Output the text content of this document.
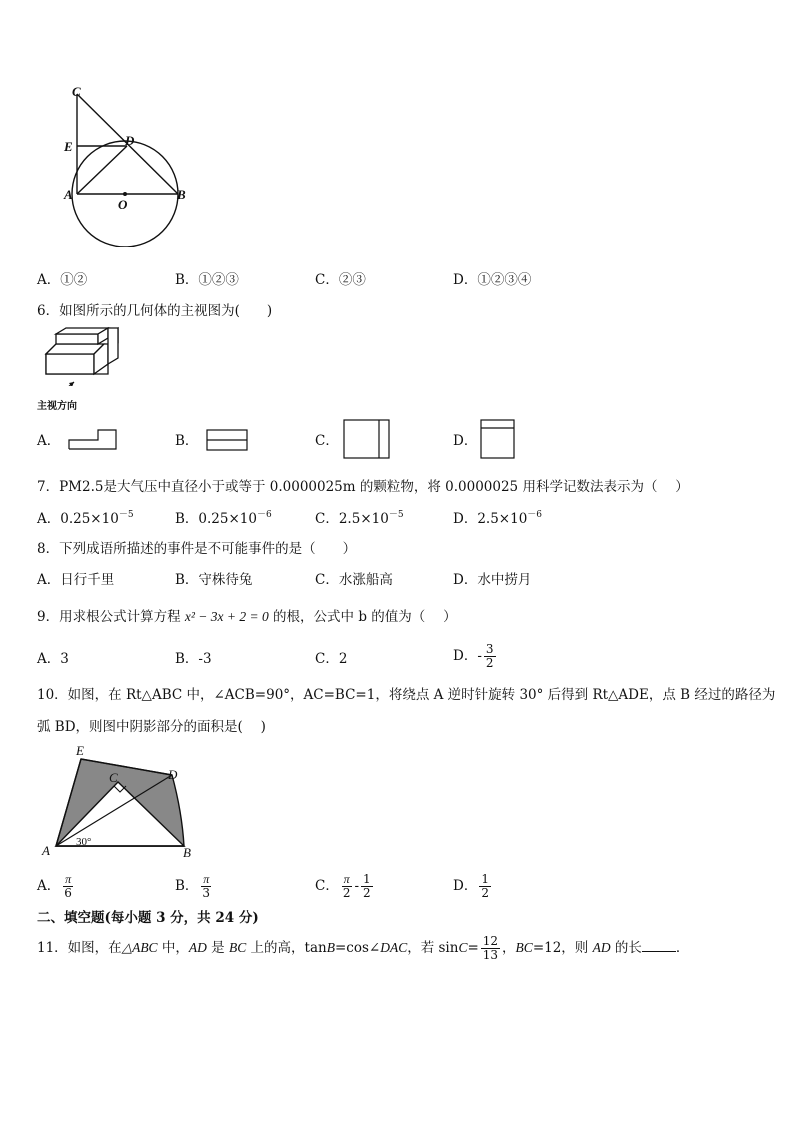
C
E	D
A
O
B
A．①②	B．①②③	C．②③	D．①②③④
6．如图所示的几何体的主视图为(　　)
主视方向
A．	B．	C．	D．
7．PM2.5是大气压中直径小于或等于 0.0000025m 的颗粒物，将 0.0000025 用科学记数法表示为（　 ）
A．$0.25\times 10^{-5}$	B．$0.25\times 10^{-6}$	C．$2.5\times 10^{-5}$	D．$2.5\times 10^{-6}$
8．下列成语所描述的事件是不可能事件的是（　　）
A．日行千里	B．守株待兔	C．水涨船高	D．水中捞月
9．用求根公式计算方程 x² − 3x + 2 = 0 的根，公式中 b 的值为（　 ）
A．3	B．-3	C．2	D．- $\frac{3}{2}$
10．如图，在 Rt△ABC 中，∠ACB=90°，AC=BC=1，将绕点 A 逆时针旋转 30° 后得到 Rt△ADE，点 B 经过的路径为
弧 BD，则图中阴影部分的面积是(　 )
E
C	D
A	B
30°
A． $\frac{\pi}{6}$	B． $\frac{\pi}{3}$	C． $\frac{\pi}{2} - \frac{1}{2}$	D． $\frac{1}{2}$
二、填空题(每小题 3 分，共 24 分)
11．如图，在△ABC 中，AD 是 BC 上的高，tanB=cos∠DAC，若 $\sin C= \frac{12}{13}$ ，BC=12，则 AD 的长	．
